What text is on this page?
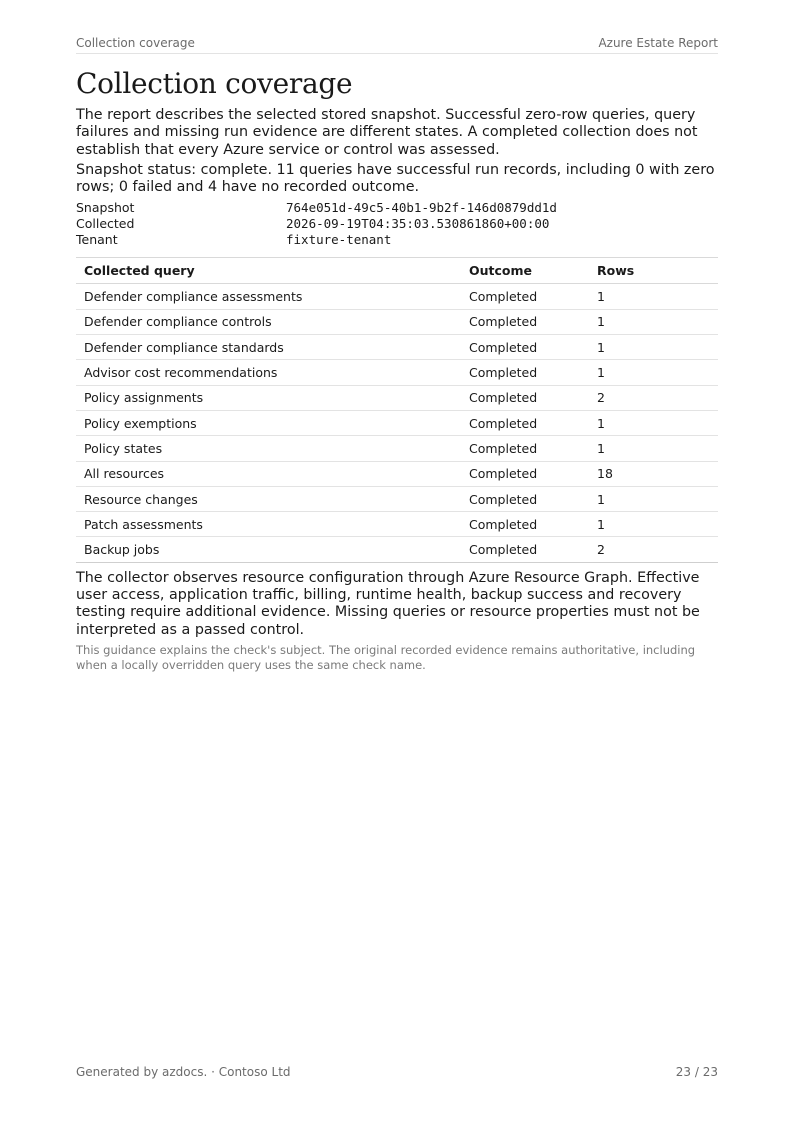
Collection coverage	Azure Estate Report
Collection coverage

The report describes the selected stored snapshot. Successful zero-row queries, query failures and missing run evidence are different states. A completed collection does not establish that every Azure service or control was assessed.

Snapshot status: complete. 11 queries have successful run records, including 0 with zero rows; 0 failed and 4 have no recorded outcome.

Snapshot	764e051d-49c5-40b1-9b2f-146d0879dd1d
Collected	2026-09-19T04:35:03.530861860+00:00
Tenant	fixture-tenant
Collected query	Outcome	Rows
Defender compliance assessments	Completed	1
Defender compliance controls	Completed	1
Defender compliance standards	Completed	1
Advisor cost recommendations	Completed	1
Policy assignments	Completed	2
Policy exemptions	Completed	1
Policy states	Completed	1
All resources	Completed	18
Resource changes	Completed	1
Patch assessments	Completed	1
Backup jobs	Completed	2

The collector observes resource configuration through Azure Resource Graph. Effective user access, application traffic, billing, runtime health, backup success and recovery testing require additional evidence. Missing queries or resource properties must not be interpreted as a passed control.

This guidance explains the check's subject. The original recorded evidence remains authoritative, including when a locally overridden query uses the same check name.

Generated by azdocs. · Contoso Ltd	23 / 23
